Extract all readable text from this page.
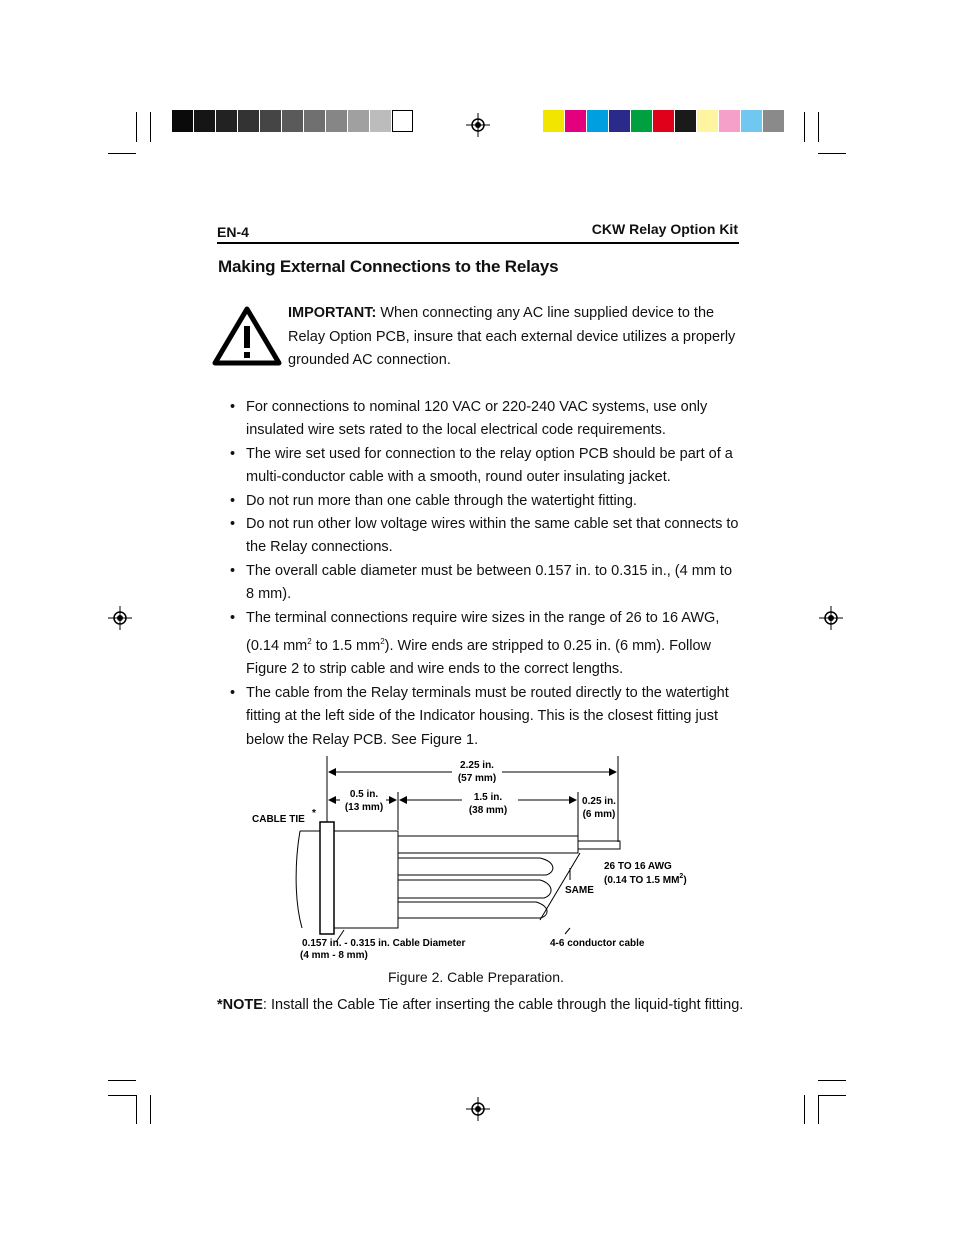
EN-4	CKW Relay Option Kit
Making External Connections to the Relays
IMPORTANT: When connecting any AC line supplied device to the Relay Option PCB, insure that each external device utilizes a properly grounded AC connection.
• For connections to nominal 120 VAC or 220-240 VAC systems, use only insulated wire sets rated to the local electrical code requirements.
• The wire set used for connection to the relay option PCB should be part of a multi-conductor cable with a smooth, round outer insulating jacket.
• Do not run more than one cable through the watertight fitting.
• Do not run other low voltage wires within the same cable set that connects to the Relay connections.
• The overall cable diameter must be between 0.157 in. to 0.315 in., (4 mm to 8 mm).
• The terminal connections require wire sizes in the range of 26 to 16 AWG, (0.14 $mm^2$ to 1.5 $mm^2$). Wire ends are stripped to 0.25 in. (6 mm). Follow Figure 2 to strip cable and wire ends to the correct lengths.
• The cable from the Relay terminals must be routed directly to the watertight fitting at the left side of the Indicator housing. This is the closest fitting just below the Relay PCB. See Figure 1.
2.25 in.
(57 mm)
0.5 in.
(13 mm)
1.5 in.
(38 mm)
0.25 in.
(6 mm)
CABLE TIE
*
26 TO 16 AWG
(0.14 TO 1.5 $MM^2$)
SAME
0.157 in. - 0.315 in. Cable Diameter
(4 mm - 8 mm)
4-6 conductor cable
Figure 2. Cable Preparation.
*NOTE: Install the Cable Tie after inserting the cable through the liquid-tight fitting.
